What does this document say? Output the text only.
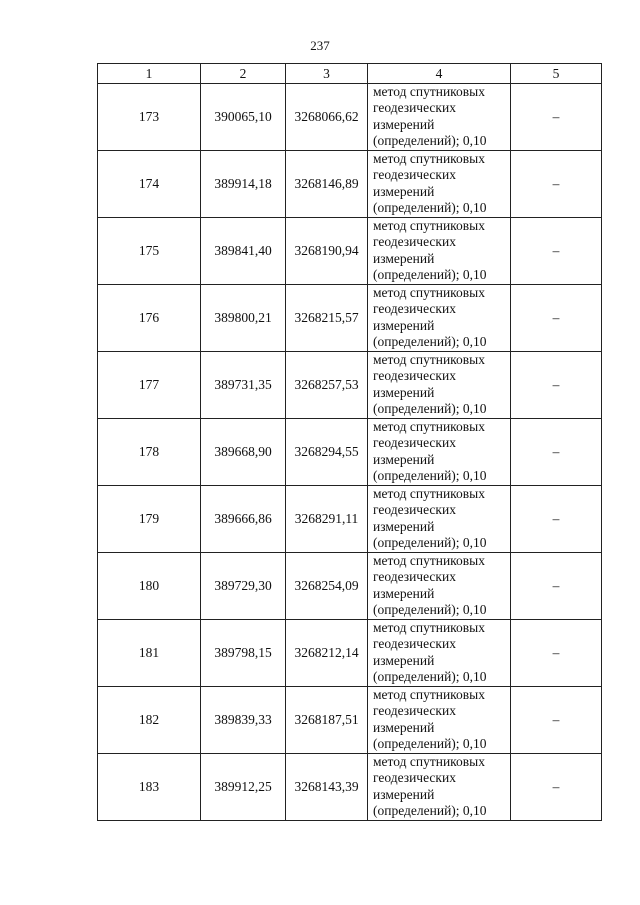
237
1	2	3	4	5
173	390065,10	3268066,62	метод спутниковых
геодезических
измерений
(определений); 0,10	–
174	389914,18	3268146,89	метод спутниковых
геодезических
измерений
(определений); 0,10	–
175	389841,40	3268190,94	метод спутниковых
геодезических
измерений
(определений); 0,10	–
176	389800,21	3268215,57	метод спутниковых
геодезических
измерений
(определений); 0,10	–
177	389731,35	3268257,53	метод спутниковых
геодезических
измерений
(определений); 0,10	–
178	389668,90	3268294,55	метод спутниковых
геодезических
измерений
(определений); 0,10	–
179	389666,86	3268291,11	метод спутниковых
геодезических
измерений
(определений); 0,10	–
180	389729,30	3268254,09	метод спутниковых
геодезических
измерений
(определений); 0,10	–
181	389798,15	3268212,14	метод спутниковых
геодезических
измерений
(определений); 0,10	–
182	389839,33	3268187,51	метод спутниковых
геодезических
измерений
(определений); 0,10	–
183	389912,25	3268143,39	метод спутниковых
геодезических
измерений
(определений); 0,10	–
